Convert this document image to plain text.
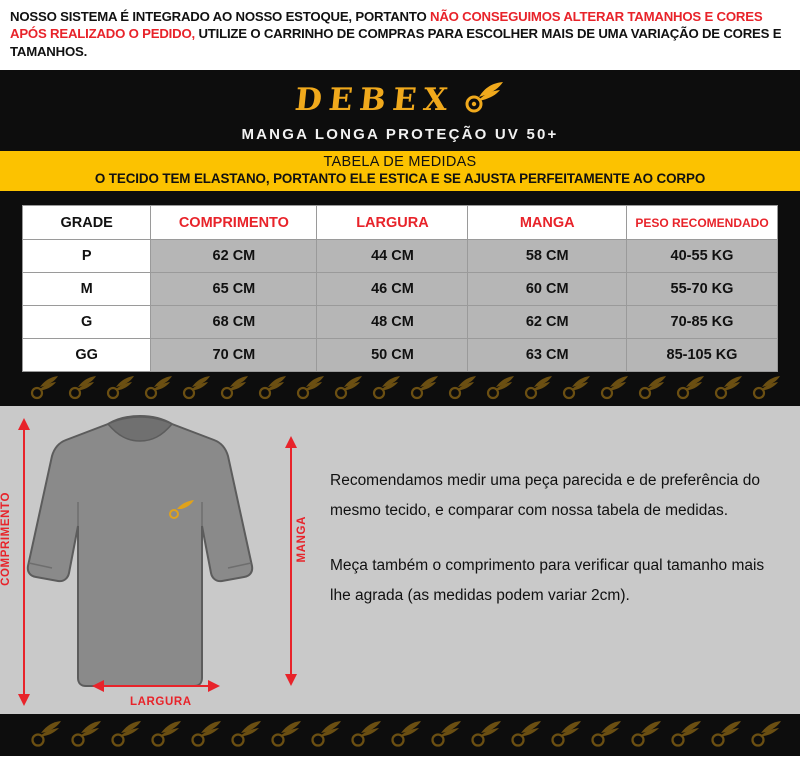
NOSSO SISTEMA É INTEGRADO AO NOSSO ESTOQUE, PORTANTO NÃO CONSEGUIMOS ALTERAR TAMANHOS E CORES APÓS REALIZADO O PEDIDO, UTILIZE O CARRINHO DE COMPRAS PARA ESCOLHER MAIS DE UMA VARIAÇÃO DE CORES E TAMANHOS.
DEBEX
MANGA LONGA PROTEÇÃO UV 50+
TABELA DE MEDIDAS
O TECIDO TEM ELASTANO, PORTANTO ELE ESTICA E SE AJUSTA PERFEITAMENTE AO CORPO
GRADE	COMPRIMENTO	LARGURA	MANGA	PESO RECOMENDADO
P	62 CM	44 CM	58 CM	40-55 KG
M	65 CM	46 CM	60 CM	55-70 KG
G	68 CM	48 CM	62 CM	70-85 KG
GG	70 CM	50 CM	63 CM	85-105 KG
COMPRIMENTO	MANGA
LARGURA

Recomendamos medir uma peça parecida e de preferência do mesmo tecido, e comparar com nossa tabela de medidas.

Meça também o comprimento para verificar qual tamanho mais lhe agrada (as medidas podem variar 2cm).
